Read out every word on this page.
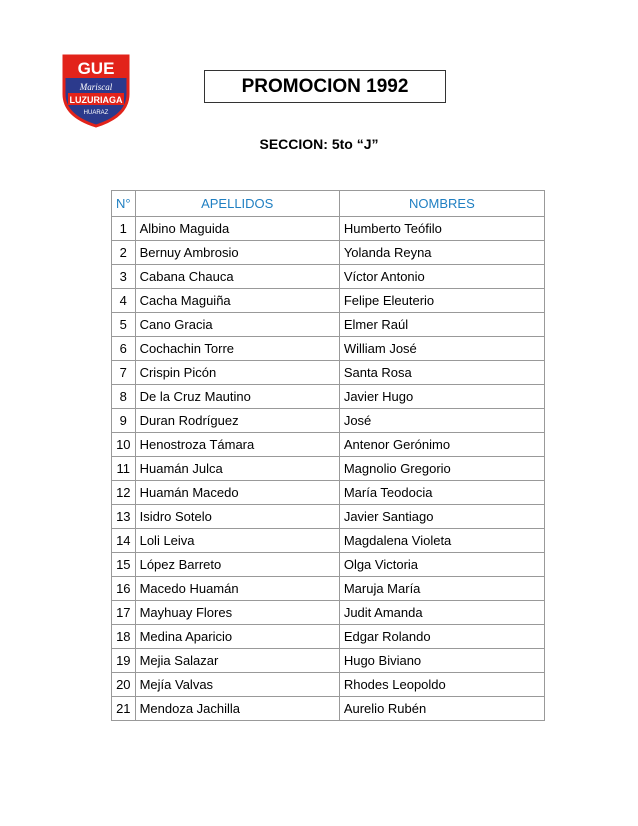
GUE
Mariscal
LUZURIAGA
HUARAZ
PROMOCION 1992
SECCION: 5to “J”
N°	APELLIDOS	NOMBRES
1	Albino Maguida	Humberto Teófilo
2	Bernuy Ambrosio	Yolanda Reyna
3	Cabana Chauca	Víctor Antonio
4	Cacha Maguiña	Felipe Eleuterio
5	Cano Gracia	Elmer Raúl
6	Cochachin Torre	William José
7	Crispin Picón	Santa Rosa
8	De la Cruz Mautino	Javier Hugo
9	Duran Rodríguez	José
10	Henostroza Támara	Antenor Gerónimo
11	Huamán Julca	Magnolio Gregorio
12	Huamán Macedo	María Teodocia
13	Isidro Sotelo	Javier Santiago
14	Loli Leiva	Magdalena Violeta
15	López Barreto	Olga Victoria
16	Macedo Huamán	Maruja María
17	Mayhuay Flores	Judit Amanda
18	Medina Aparicio	Edgar Rolando
19	Mejia Salazar	Hugo Biviano
20	Mejía Valvas	Rhodes Leopoldo
21	Mendoza Jachilla	Aurelio Rubén
